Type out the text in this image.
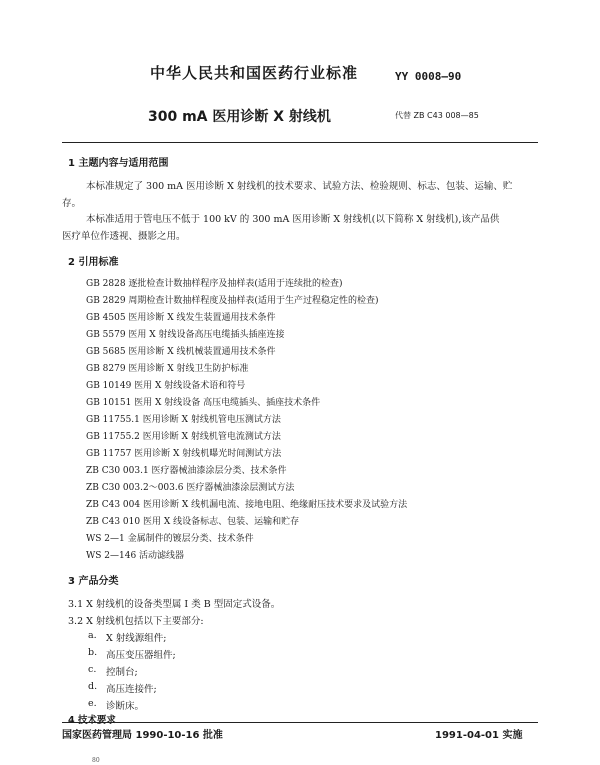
中华人民共和国医药行业标准	YY 0008—90
300 mA 医用诊断 X 射线机	代替 ZB C43 008—85
1 主题内容与适用范围
本标准规定了 300 mA 医用诊断 X 射线机的技术要求、试验方法、检验规则、标志、包装、运输、贮
存。
本标准适用于管电压不低于 100 kV 的 300 mA 医用诊断 X 射线机(以下简称 X 射线机),该产品供
医疗单位作透视、摄影之用。
2 引用标准
GB 2828 逐批检查计数抽样程序及抽样表(适用于连续批的检查)
GB 2829 周期检查计数抽样程度及抽样表(适用于生产过程稳定性的检查)
GB 4505 医用诊断 X 线发生装置通用技术条件
GB 5579 医用 X 射线设备高压电缆插头插座连接
GB 5685 医用诊断 X 线机械装置通用技术条件
GB 8279 医用诊断 X 射线卫生防护标准
GB 10149 医用 X 射线设备术语和符号
GB 10151 医用 X 射线设备 高压电缆插头、插座技术条件
GB 11755.1 医用诊断 X 射线机管电压测试方法
GB 11755.2 医用诊断 X 射线机管电流测试方法
GB 11757 医用诊断 X 射线机曝光时间测试方法
ZB C30 003.1 医疗器械油漆涂层分类、技术条件
ZB C30 003.2～003.6 医疗器械油漆涂层测试方法
ZB C43 004 医用诊断 X 线机漏电流、接地电阻、绝缘耐压技术要求及试验方法
ZB C43 010 医用 X 线设备标志、包装、运输和贮存
WS 2—1 金属制件的镀层分类、技术条件
WS 2—146 活动滤线器
3 产品分类
3.1 X 射线机的设备类型属 I 类 B 型固定式设备。
3.2 X 射线机包括以下主要部分:
a. X 射线源组件;
b. 高压变压器组件;
c. 控制台;
d. 高压连接件;
e. 诊断床。
4 技术要求
国家医药管理局 1990-10-16 批准	1991-04-01 实施
80
